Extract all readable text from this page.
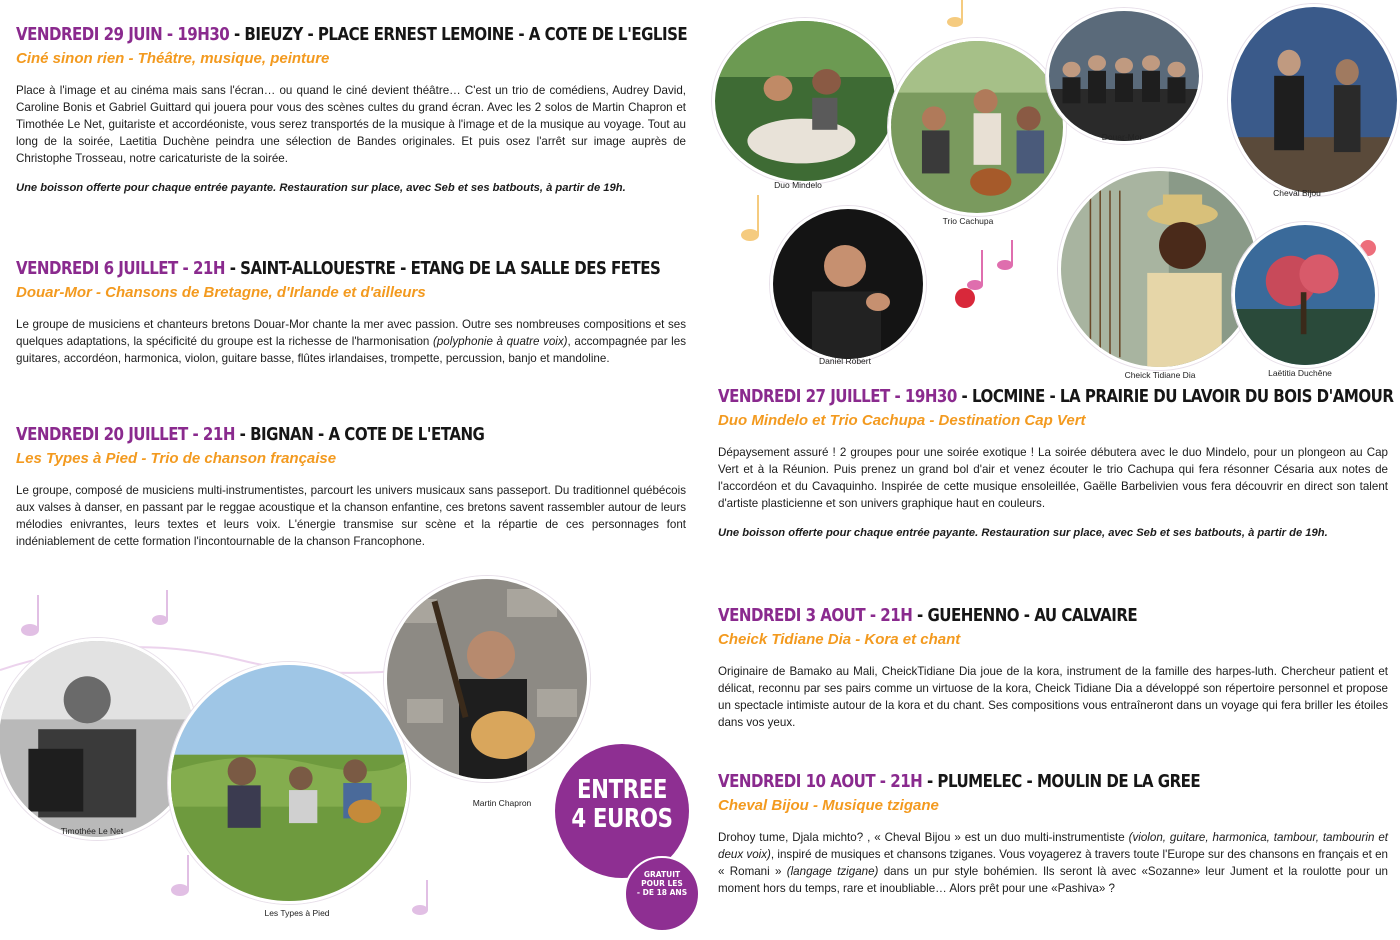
VENDREDI 29 JUIN - 19H30 - BIEUZY - PLACE ERNEST LEMOINE - A COTE DE L'EGLISE
Ciné sinon rien - Théâtre, musique, peinture
Place à l'image et au cinéma mais sans l'écran… ou quand le ciné devient théâtre… C'est un trio de comédiens, Audrey David, Caroline Bonis et Gabriel Guittard qui jouera pour vous des scènes cultes du grand écran. Avec les 2 solos de Martin Chapron et Timothée Le Net, guitariste et accordéoniste, vous serez transportés de la musique à l'image et de la musique au voyage. Tout au long de la soirée, Laetitia Duchène peindra une sélection de Bandes originales. Et puis osez l'arrêt sur image auprès de Christophe Trosseau, notre caricaturiste de la soirée.
Une boisson offerte pour chaque entrée payante. Restauration sur place, avec Seb et ses batbouts, à partir de 19h.
VENDREDI 6 JUILLET - 21H - SAINT-ALLOUESTRE - ETANG DE LA SALLE DES FETES
Douar-Mor - Chansons de Bretagne, d'Irlande et d'ailleurs
Le groupe de musiciens et chanteurs bretons Douar-Mor chante la mer avec passion. Outre ses nombreuses compositions et ses quelques adaptations, la spécificité du groupe est la richesse de l'harmonisation (polyphonie à quatre voix), accompagnée par les guitares, accordéon, harmonica, violon, guitare basse, flûtes irlandaises, trompette, percussion, banjo et mandoline.
VENDREDI 20 JUILLET - 21H - BIGNAN - A COTE DE L'ETANG
Les Types à Pied - Trio de chanson française
Le groupe, composé de musiciens multi-instrumentistes, parcourt les univers musicaux sans passeport. Du traditionnel québécois aux valses à danser, en passant par le reggae acoustique et la chanson enfantine, ces bretons savent rassembler autour de leurs mélodies enivrantes, leurs textes et leurs voix. L'énergie transmise sur scène et la répartie de ces personnages font indéniablement de cette formation l'incontournable de la chanson Francophone.
Timothée Le Net
Les Types à Pied
Martin Chapron	ENTREE
4 EUROS
GRATUIT
POUR LES
- DE 18 ANS
Duo Mindelo
Trio Cachupa
Douar-Mor
Cheval Bijou
Daniel Robert
Cheick Tidiane Dia	Laëtitia Duchêne
VENDREDI 27 JUILLET - 19H30 - LOCMINE - LA PRAIRIE DU LAVOIR DU BOIS D'AMOUR
Duo Mindelo et Trio Cachupa - Destination Cap Vert
Dépaysement assuré ! 2 groupes pour une soirée exotique ! La soirée débutera avec le duo Mindelo, pour un plongeon au Cap Vert et à la Réunion. Puis prenez un grand bol d'air et venez écouter le trio Cachupa qui fera résonner Césaria aux notes de l'accordéon et du Cavaquinho. Inspirée de cette musique ensoleillée, Gaëlle Barbelivien vous fera découvrir en direct son talent d'artiste plasticienne et son univers graphique haut en couleurs.
Une boisson offerte pour chaque entrée payante. Restauration sur place, avec Seb et ses batbouts, à partir de 19h.
VENDREDI 3 AOUT - 21H - GUEHENNO - AU CALVAIRE
Cheick Tidiane Dia - Kora et chant
Originaire de Bamako au Mali, CheickTidiane Dia joue de la kora, instrument de la famille des harpes-luth. Chercheur patient et délicat, reconnu par ses pairs comme un virtuose de la kora, Cheick Tidiane Dia a développé son répertoire personnel et propose un spectacle intimiste autour de la kora et du chant. Ses compositions vous entraîneront dans un voyage qui fera briller les étoiles dans vos yeux.
VENDREDI 10 AOUT - 21H - PLUMELEC - MOULIN DE LA GREE
Cheval Bijou - Musique tzigane
Drohoy tume, Djala michto? , « Cheval Bijou » est un duo multi-instrumentiste (violon, guitare, harmonica, tambour, tambourin et deux voix), inspiré de musiques et chansons tziganes. Vous voyagerez à travers toute l'Europe sur des chansons en français et en « Romani » (langage tzigane) dans un pur style bohémien. Ils seront là avec «Sozanne» leur Jument et la roulotte pour un moment hors du temps, rare et inoubliable… Alors prêt pour une «Pashiva» ?
